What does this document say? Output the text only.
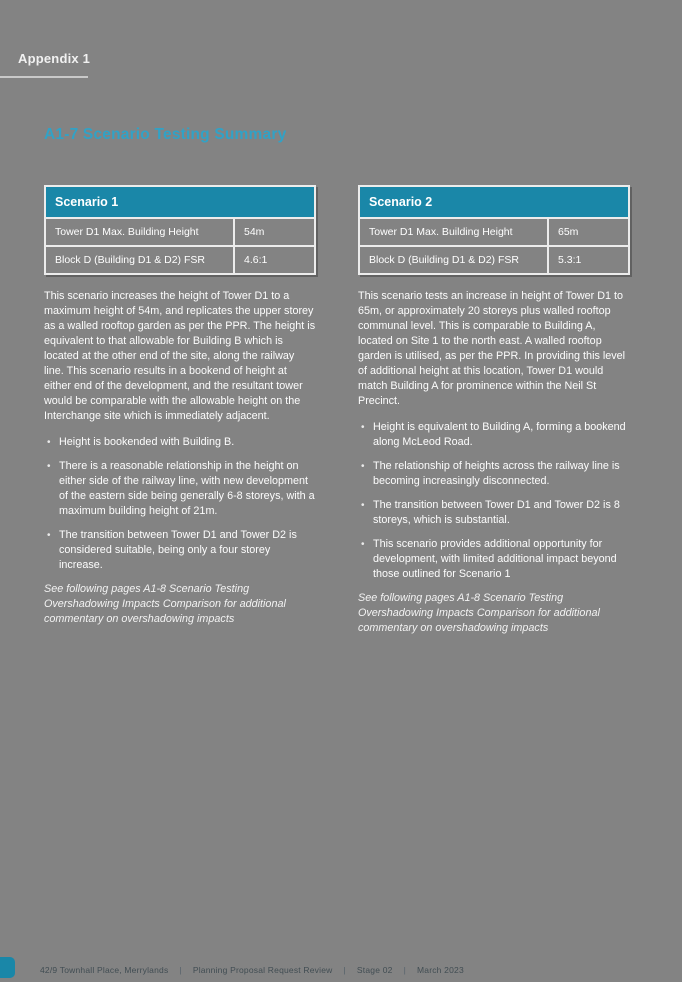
Appendix 1
A1-7 Scenario Testing Summary
Scenario 1	
Tower D1 Max. Building Height	54m
Block D (Building D1 & D2) FSR	4.6:1

This scenario increases the height of Tower D1 to a maximum height of 54m, and replicates the upper storey as a walled rooftop garden as per the PPR. The height is equivalent to that allowable for Building B which is located at the other end of the site, along the railway line. This scenario results in a bookend of height at either end of the development, and the resultant tower would be comparable with the allowable height on the Interchange site which is immediately adjacent.

• Height is bookended with Building B.
• There is a reasonable relationship in the height on either side of the railway line, with new development of the eastern side being generally 6-8 storeys, with a maximum building height of 21m.
• The transition between Tower D1 and Tower D2 is considered suitable, being only a four storey increase.

See following pages A1-8 Scenario Testing Overshadowing Impacts Comparison for additional commentary on overshadowing impacts

Scenario 2	
Tower D1 Max. Building Height	65m
Block D (Building D1 & D2) FSR	5.3:1

This scenario tests an increase in height of Tower D1 to 65m, or approximately 20 storeys plus walled rooftop communal level. This is comparable to Building A, located on Site 1 to the north east. A walled rooftop garden is utilised, as per the PPR. In providing this level of additional height at this location, Tower D1 would match Building A for prominence within the Neil St Precinct.

• Height is equivalent to Building A, forming a bookend along McLeod Road.
• The relationship of heights across the railway line is becoming increasingly disconnected.
• The transition between Tower D1 and Tower D2 is 8 storeys, which is substantial.
• This scenario provides additional opportunity for development, with limited additional impact beyond those outlined for Scenario 1

See following pages A1-8 Scenario Testing Overshadowing Impacts Comparison for additional commentary on overshadowing impacts

42/9 Townhall Place, Merrylands | Planning Proposal Request Review | Stage 02 | March 2023
